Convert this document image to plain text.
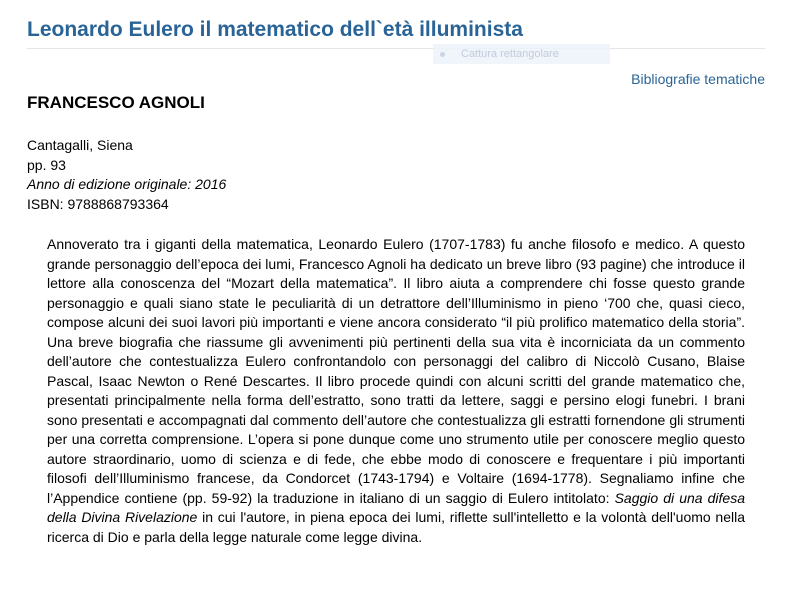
Leonardo Eulero il matematico dell`età illuminista
Cattura rettangolare
Bibliografie tematiche
FRANCESCO AGNOLI
Cantagalli, Siena
pp. 93
Anno di edizione originale: 2016
ISBN: 9788868793364

Annoverato tra i giganti della matematica, Leonardo Eulero (1707-1783) fu anche filosofo e medico. A questo grande personaggio dell’epoca dei lumi, Francesco Agnoli ha dedicato un breve libro (93 pagine) che introduce il lettore alla conoscenza del “Mozart della matematica”. Il libro aiuta a comprendere chi fosse questo grande personaggio e quali siano state le peculiarità di un detrattore dell’Illuminismo in pieno ‘700 che, quasi cieco, compose alcuni dei suoi lavori più importanti e viene ancora considerato “il più prolifico matematico della storia”. Una breve biografia che riassume gli avvenimenti più pertinenti della sua vita è incorniciata da un commento dell’autore che contestualizza Eulero confrontandolo con personaggi del calibro di Niccolò Cusano, Blaise Pascal, Isaac Newton o René Descartes. Il libro procede quindi con alcuni scritti del grande matematico che, presentati principalmente nella forma dell’estratto, sono tratti da lettere, saggi e persino elogi funebri. I brani sono presentati e accompagnati dal commento dell’autore che contestualizza gli estratti fornendone gli strumenti per una corretta comprensione. L’opera si pone dunque come uno strumento utile per conoscere meglio questo autore straordinario, uomo di scienza e di fede, che ebbe modo di conoscere e frequentare i più importanti filosofi dell’Illuminismo francese, da Condorcet (1743-1794) e Voltaire (1694-1778). Segnaliamo infine che l’Appendice contiene (pp. 59-92) la traduzione in italiano di un saggio di Eulero intitolato: Saggio di una difesa della Divina Rivelazione in cui l'autore, in piena epoca dei lumi, riflette sull'intelletto e la volontà dell'uomo nella ricerca di Dio e parla della legge naturale come legge divina.
